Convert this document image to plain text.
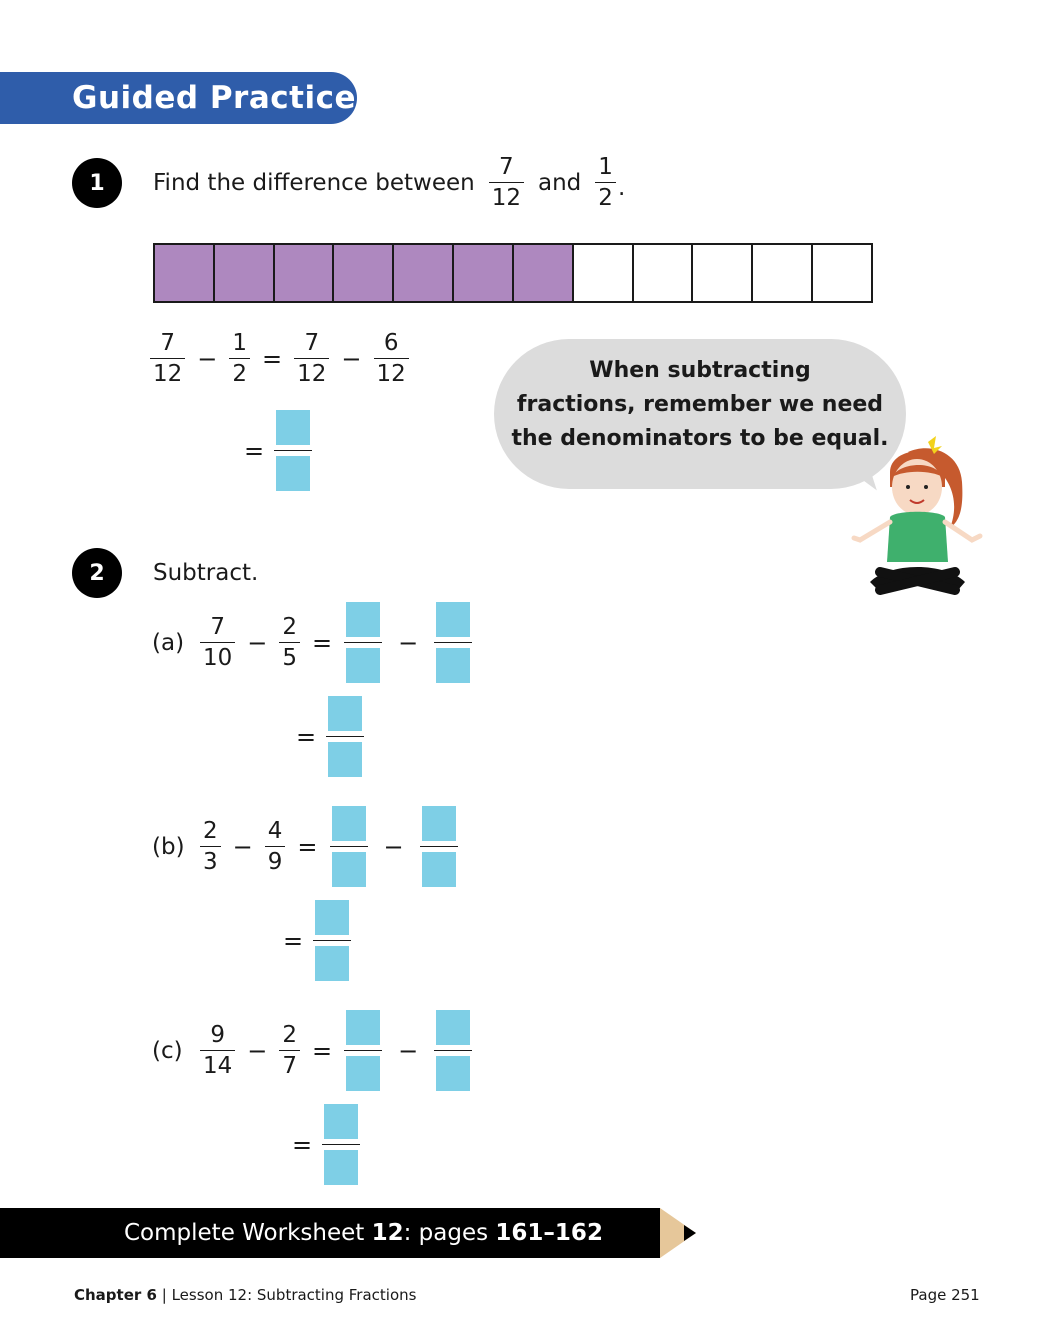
Guided Practice
1	Find the difference between $\frac{7}{12}$ and $\frac{1}{2}$ .
$\frac{7}{12} - \frac{1}{2} = \frac{7}{12} - \frac{6}{12}$
=
When subtracting
fractions, remember we need
the denominators to be equal.
2	Subtract.
$(a) \frac{7}{10} - \frac{2}{5}$ =	−
=
$(b) \frac{2}{3} - \frac{4}{9}$ =	−
=
$(c) \frac{9}{14} - \frac{2}{7}$ =	−
=
Complete Worksheet 12: pages 161–162
Chapter 6 | Lesson 12: Subtracting Fractions	Page 251
